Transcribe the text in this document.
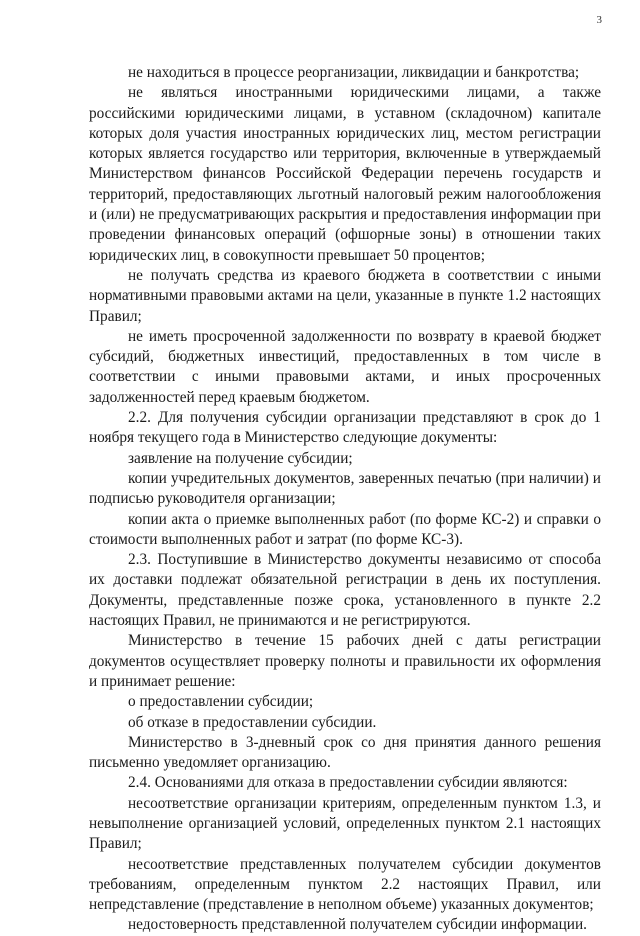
3

не находиться в процессе реорганизации, ликвидации и банкротства;

не являться иностранными юридическими лицами, а также российскими юридическими лицами, в уставном (складочном) капитале которых доля участия иностранных юридических лиц, местом регистрации которых является государство или территория, включенные в утверждаемый Министерством финансов Российской Федерации перечень государств и территорий, предоставляющих льготный налоговый режим налогообложения и (или) не предусматривающих раскрытия и предоставления информации при проведении финансовых операций (офшорные зоны) в отношении таких юридических лиц, в совокупности превышает 50 процентов;

не получать средства из краевого бюджета в соответствии с иными нормативными правовыми актами на цели, указанные в пункте 1.2 настоящих Правил;

не иметь просроченной задолженности по возврату в краевой бюджет субсидий, бюджетных инвестиций, предоставленных в том числе в соответствии с иными правовыми актами, и иных просроченных задолженностей перед краевым бюджетом.

2.2. Для получения субсидии организации представляют в срок до 1 ноября текущего года в Министерство следующие документы:

заявление на получение субсидии;

копии учредительных документов, заверенных печатью (при наличии) и подписью руководителя организации;

копии акта о приемке выполненных работ (по форме КС-2) и справки о стоимости выполненных работ и затрат (по форме КС-3).

2.3. Поступившие в Министерство документы независимо от способа их доставки подлежат обязательной регистрации в день их поступления. Документы, представленные позже срока, установленного в пункте 2.2 настоящих Правил, не принимаются и не регистрируются.

Министерство в течение 15 рабочих дней с даты регистрации документов осуществляет проверку полноты и правильности их оформления и принимает решение:

о предоставлении субсидии;

об отказе в предоставлении субсидии.

Министерство в 3-дневный срок со дня принятия данного решения письменно уведомляет организацию.

2.4. Основаниями для отказа в предоставлении субсидии являются:

несоответствие организации критериям, определенным пунктом 1.3, и невыполнение организацией условий, определенных пунктом 2.1 настоящих Правил;

несоответствие представленных получателем субсидии документов требованиям, определенным пунктом 2.2 настоящих Правил, или непредставление (представление в неполном объеме) указанных документов;

недостоверность представленной получателем субсидии информации.
